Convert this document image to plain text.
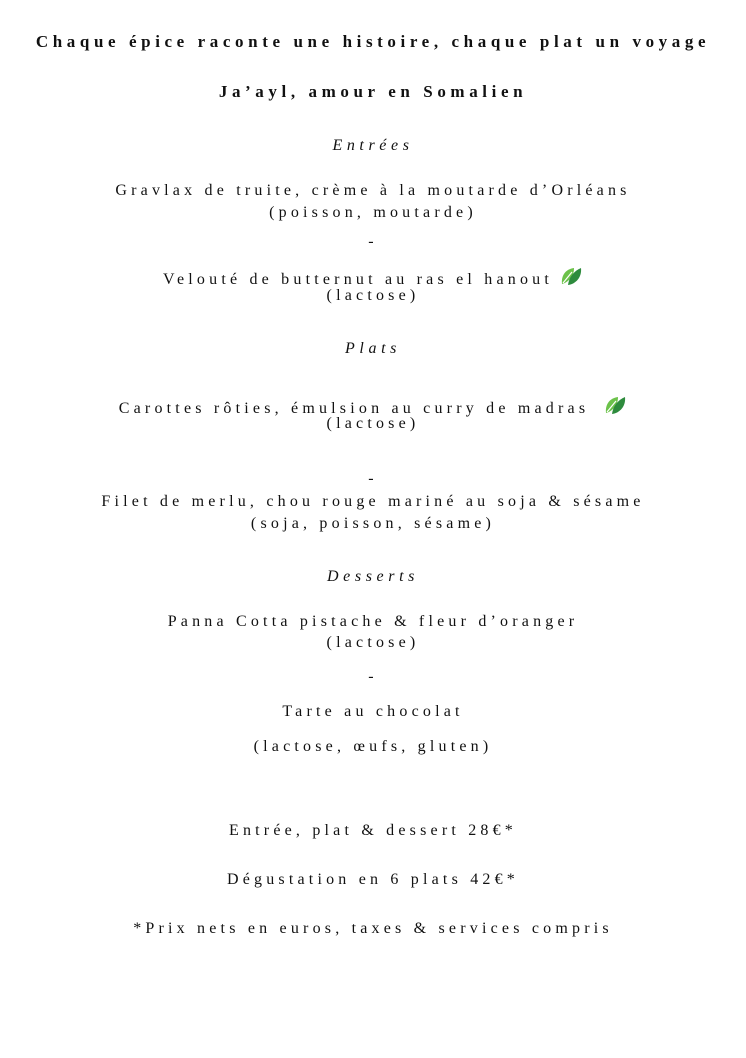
Chaque épice raconte une histoire, chaque plat un voyage
Ja’ayl, amour en Somalien
Entrées
Gravlax de truite, crème à la moutarde d’Orléans
(poisson, moutarde)
-
Velouté de butternut au ras el hanout
(lactose)
Plats
Carottes rôties, émulsion au curry de madras
(lactose)
-
Filet de merlu, chou rouge mariné au soja & sésame
(soja, poisson, sésame)
Desserts
Panna Cotta pistache & fleur d’oranger
(lactose)
-
Tarte au chocolat
(lactose, œufs, gluten)
Entrée, plat & dessert 28€*
Dégustation en 6 plats 42€*
*Prix nets en euros, taxes & services compris
